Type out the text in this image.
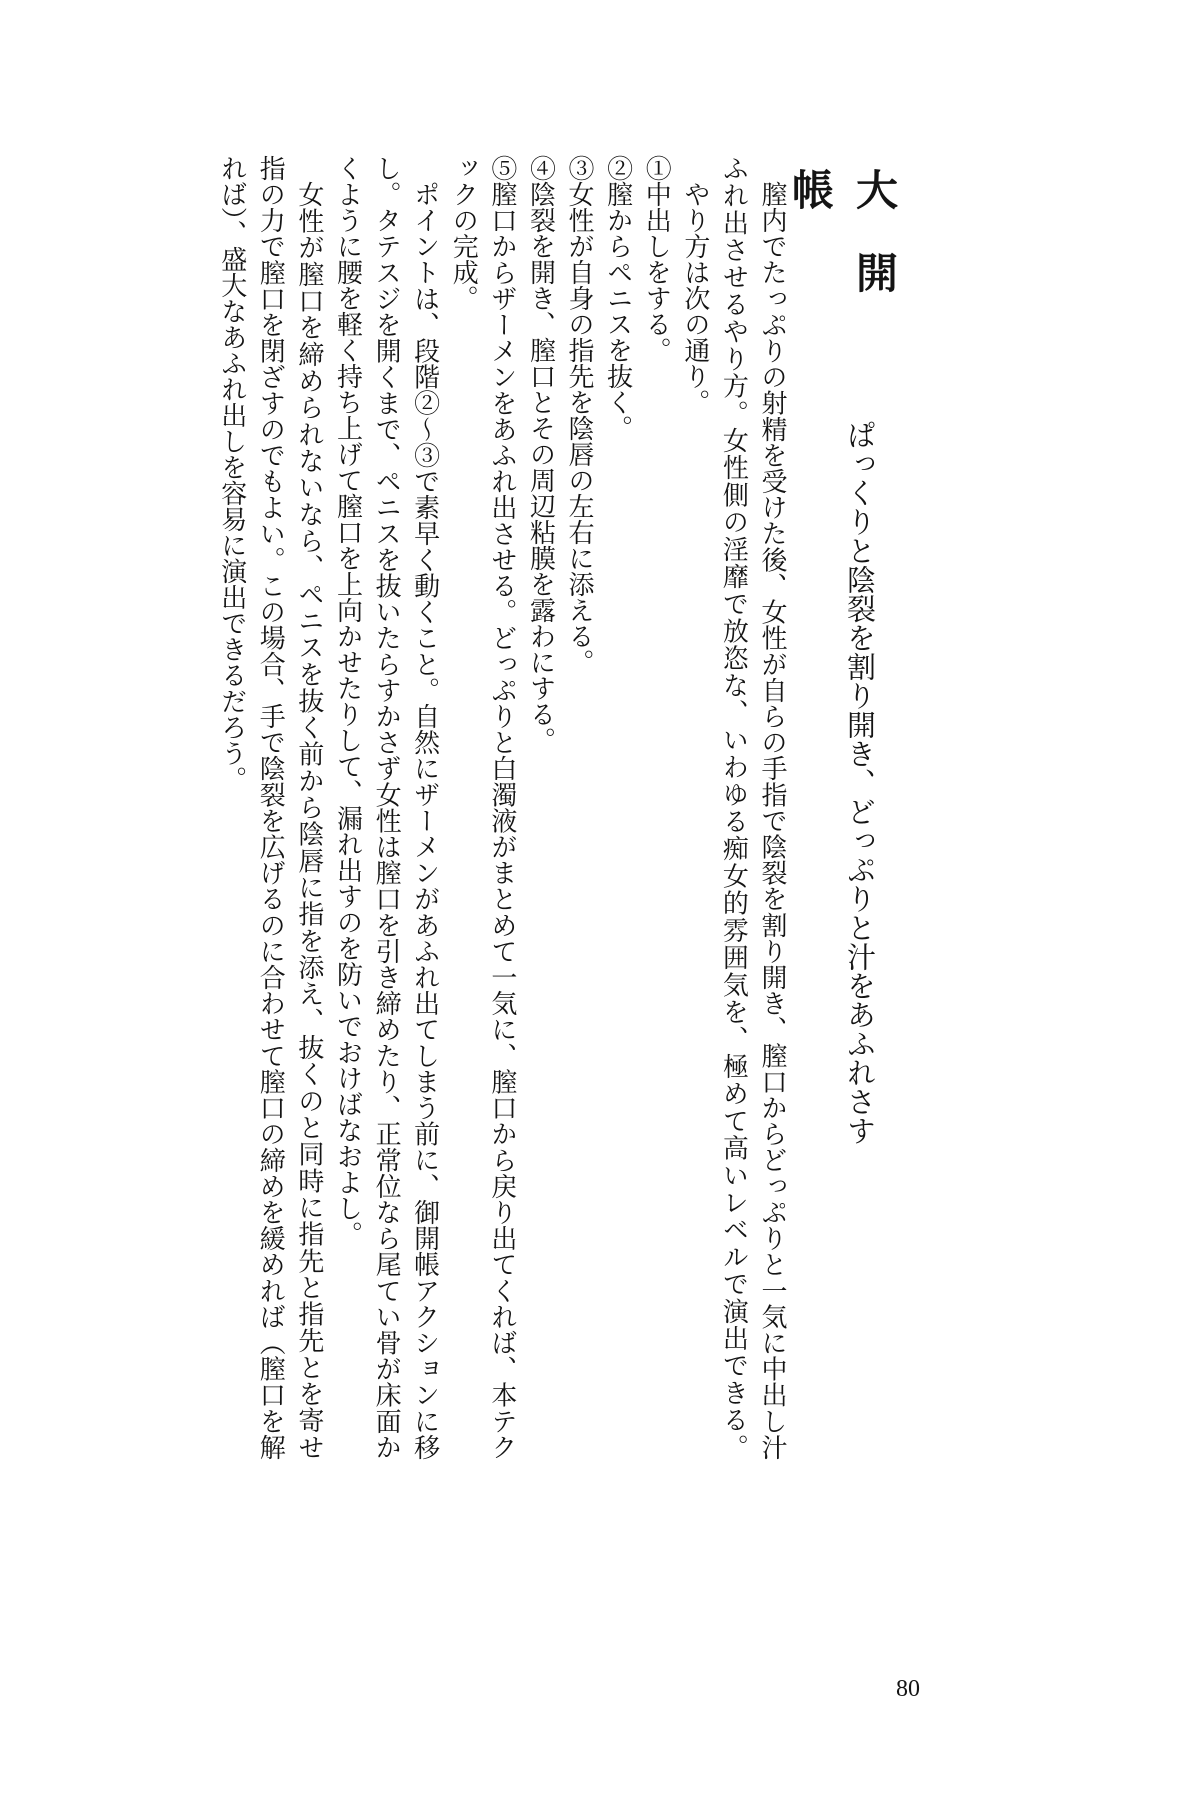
大開帳
ぱっくりと陰裂を割り開き、どっぷりと汁をあふれさす
膣内でたっぷりの射精を受けた後、女性が自らの手指で陰裂を割り開き、膣口からどっぷりと一気に中出し汁
ふれ出させるやり方。女性側の淫靡で放恣な、いわゆる痴女的雰囲気を、極めて高いレベルで演出できる。
やり方は次の通り。
①中出しをする。
②膣からペニスを抜く。
③女性が自身の指先を陰唇の左右に添える。
④陰裂を開き、膣口とその周辺粘膜を露わにする。
⑤膣口からザーメンをあふれ出させる。どっぷりと白濁液がまとめて一気に、膣口から戻り出てくれば、本テク
ックの完成。
ポイントは、段階②～③で素早く動くこと。自然にザーメンがあふれ出てしまう前に、御開帳アクションに移
し。タテスジを開くまで、ペニスを抜いたらすかさず女性は膣口を引き締めたり、正常位なら尾てい骨が床面か
くように腰を軽く持ち上げて膣口を上向かせたりして、漏れ出すのを防いでおけばなおよし。
女性が膣口を締められないなら、ペニスを抜く前から陰唇に指を添え、抜くのと同時に指先と指先とを寄せ
指の力で膣口を閉ざすのでもよい。この場合、手で陰裂を広げるのに合わせて膣口の締めを緩めれば（膣口を解
れば）、盛大なあふれ出しを容易に演出できるだろう。
80
